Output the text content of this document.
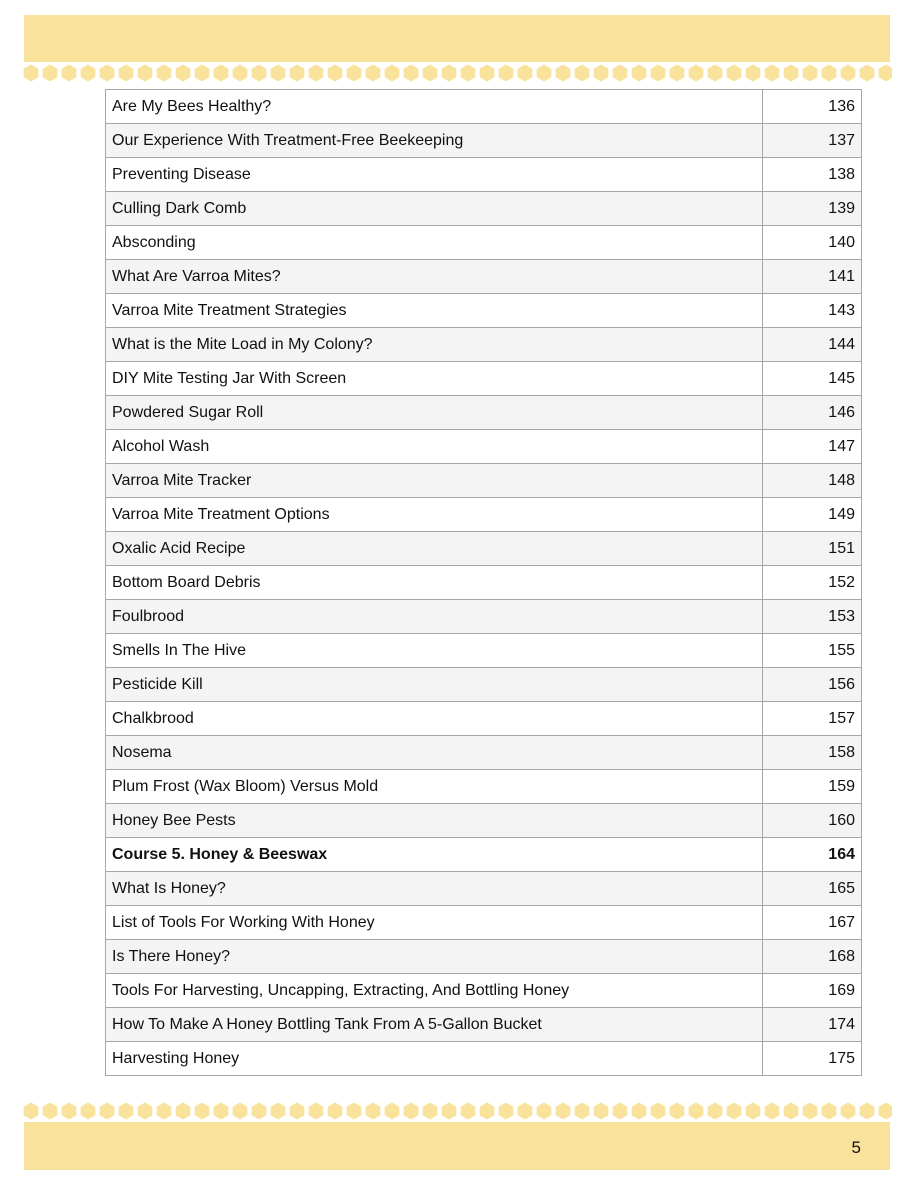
Are My Bees Healthy?	136
Our Experience With Treatment-Free Beekeeping	137
Preventing Disease	138
Culling Dark Comb	139
Absconding	140
What Are Varroa Mites?	141
Varroa Mite Treatment Strategies	143
What is the Mite Load in My Colony?	144
DIY Mite Testing Jar With Screen	145
Powdered Sugar Roll	146
Alcohol Wash	147
Varroa Mite Tracker	148
Varroa Mite Treatment Options	149
Oxalic Acid Recipe	151
Bottom Board Debris	152
Foulbrood	153
Smells In The Hive	155
Pesticide Kill	156
Chalkbrood	157
Nosema	158
Plum Frost (Wax Bloom) Versus Mold	159
Honey Bee Pests	160
Course 5. Honey & Beeswax	164
What Is Honey?	165
List of Tools For Working With Honey	167
Is There Honey?	168
Tools For Harvesting, Uncapping, Extracting, And Bottling Honey	169
How To Make A Honey Bottling Tank From A 5-Gallon Bucket	174
Harvesting Honey	175
5
